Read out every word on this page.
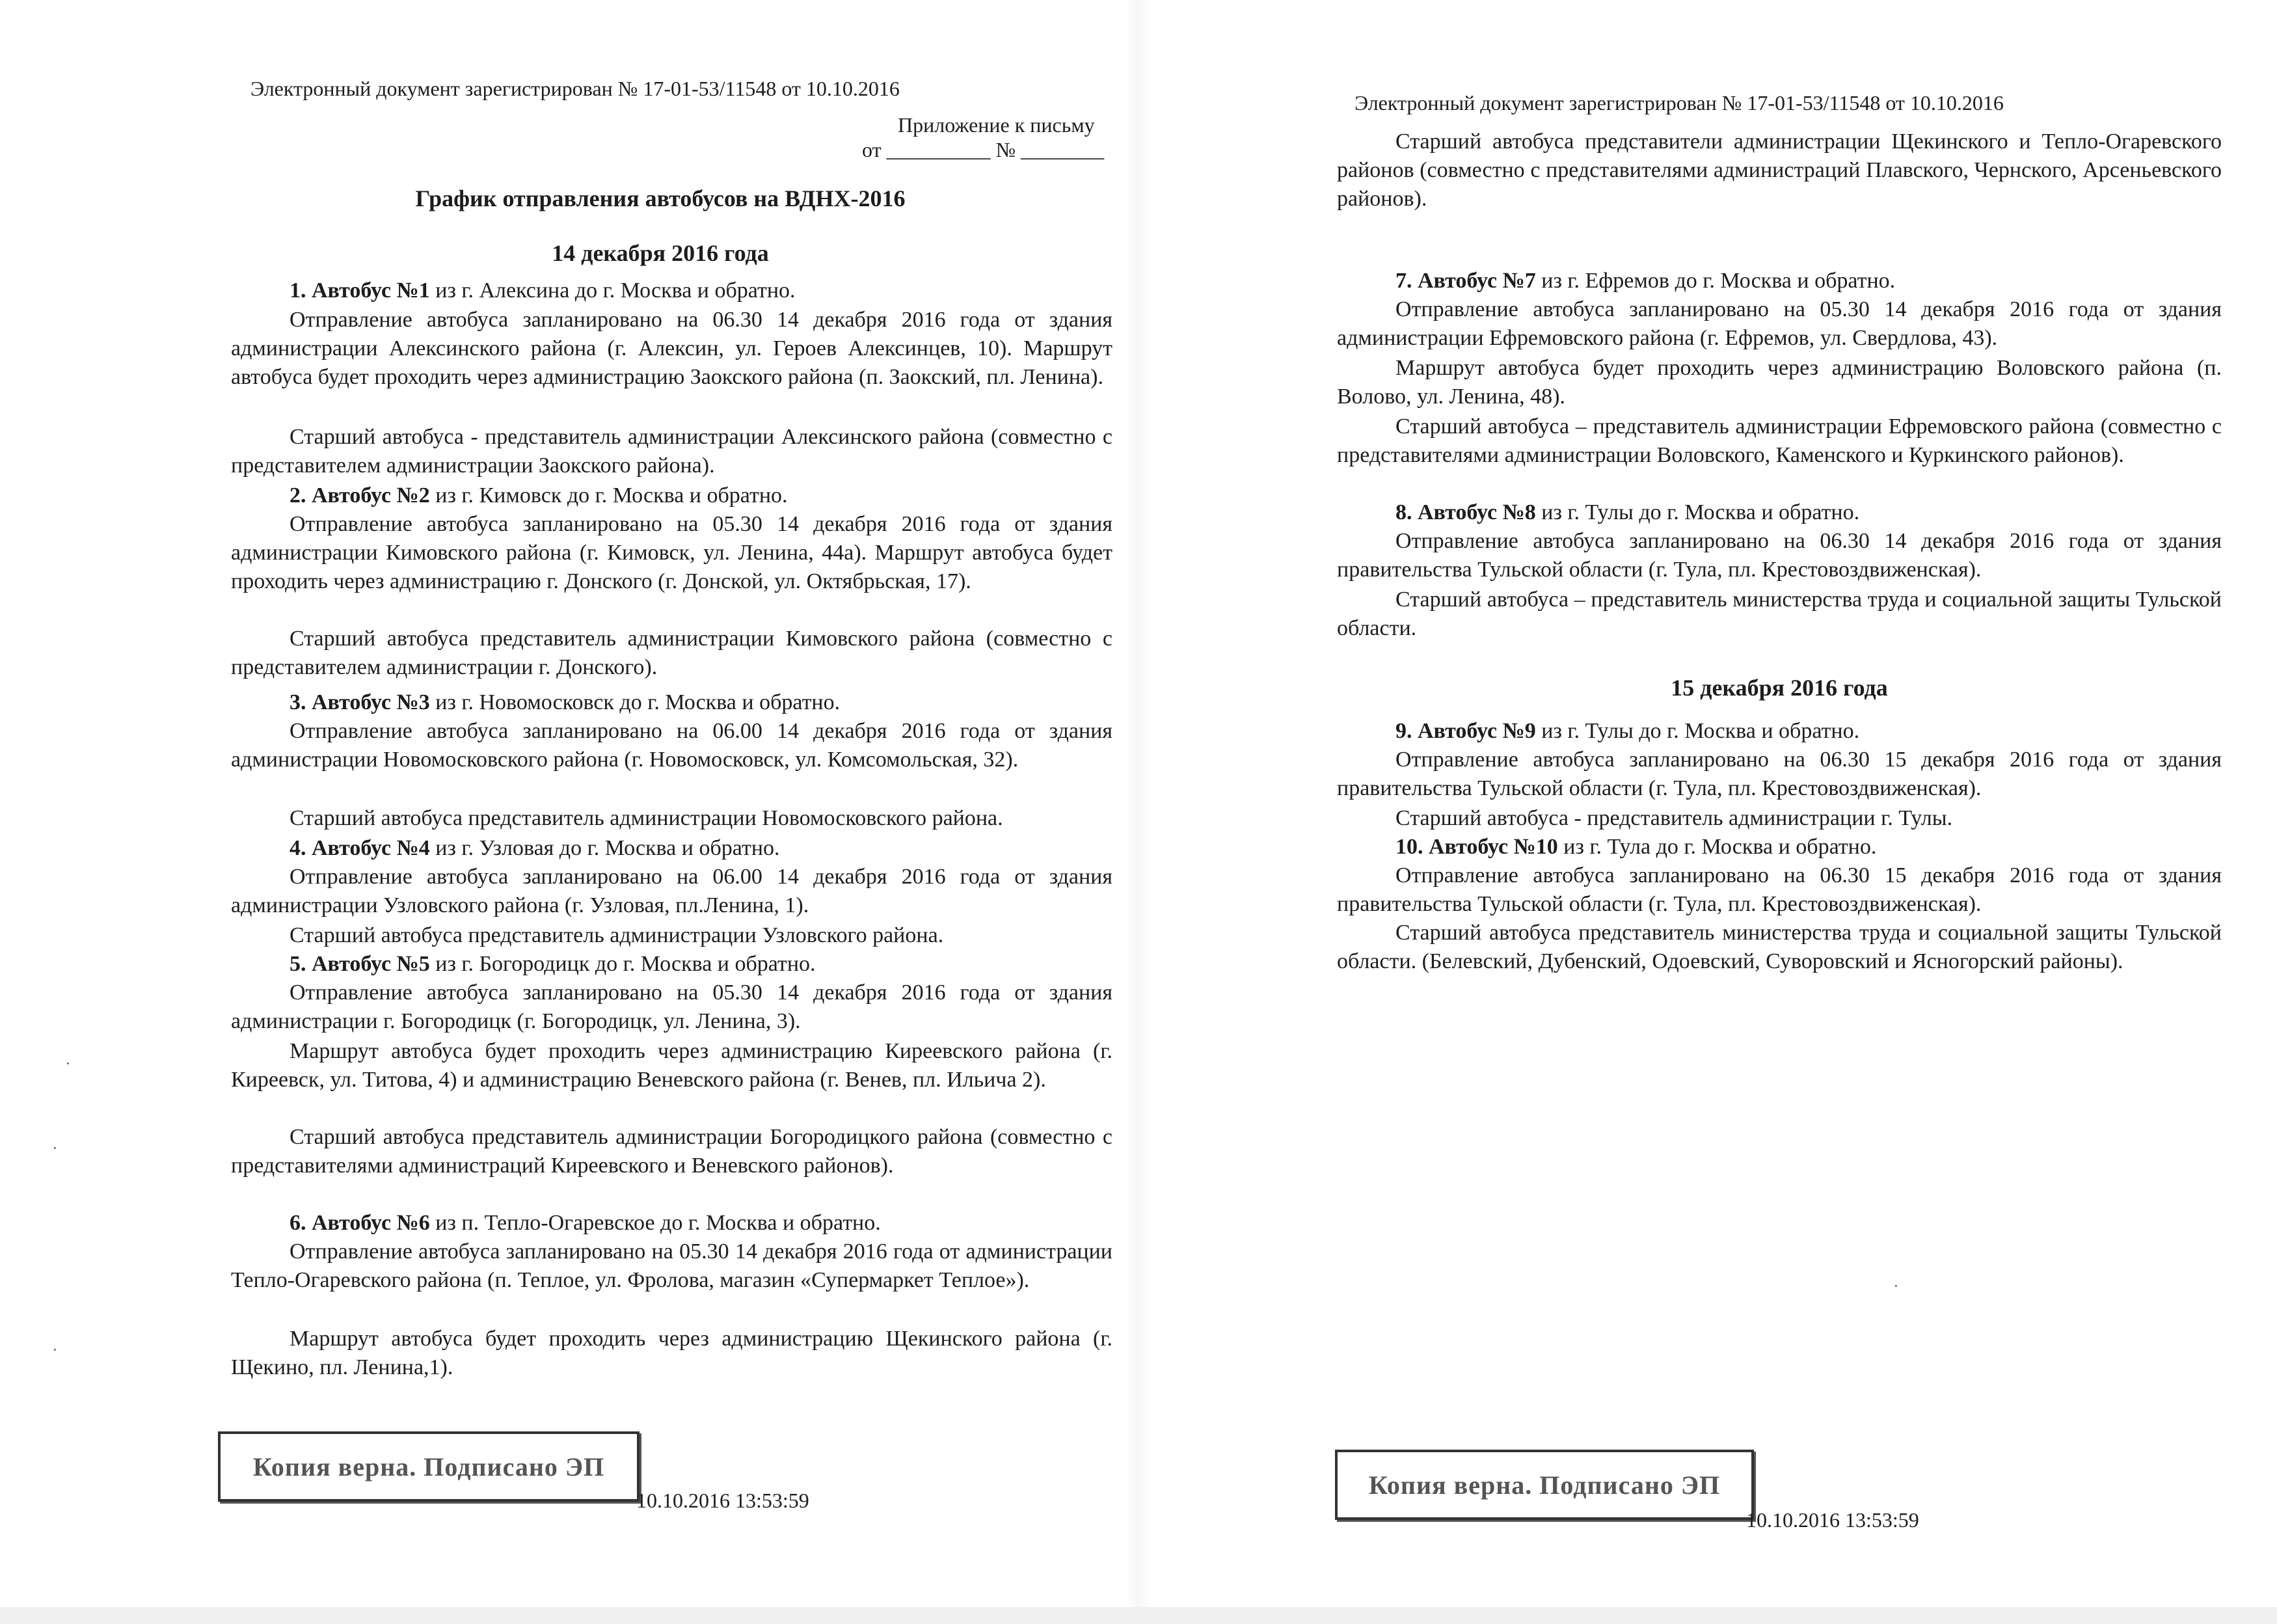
Электронный документ зарегистрирован № 17-01-53/11548 от 10.10.2016
Приложение к письму
от __________ № ________
График отправления автобусов на ВДНХ-2016
14 декабря 2016 года

1. Автобус №1 из г. Алексина до г. Москва и обратно.

Отправление автобуса запланировано на 06.30 14 декабря 2016 года от здания администрации Алексинского района (г. Алексин, ул. Героев Алексинцев, 10). Маршрут автобуса будет проходить через администрацию Заокского района (п. Заокский, пл. Ленина).

Старший автобуса - представитель администрации Алексинского района (совместно с представителем администрации Заокского района).

2. Автобус №2 из г. Кимовск до г. Москва и обратно.

Отправление автобуса запланировано на 05.30 14 декабря 2016 года от здания администрации Кимовского района (г. Кимовск, ул. Ленина, 44а). Маршрут автобуса будет проходить через администрацию г. Донского (г. Донской, ул. Октябрьская, 17).

Старший автобуса представитель администрации Кимовского района (совместно с представителем администрации г. Донского).

3. Автобус №3 из г. Новомосковск до г. Москва и обратно.

Отправление автобуса запланировано на 06.00 14 декабря 2016 года от здания администрации Новомосковского района (г. Новомосковск, ул. Комсомольская, 32).

Старший автобуса представитель администрации Новомосковского района.

4. Автобус №4 из г. Узловая до г. Москва и обратно.

Отправление автобуса запланировано на 06.00 14 декабря 2016 года от здания администрации Узловского района (г. Узловая, пл.Ленина, 1).

Старший автобуса представитель администрации Узловского района.

5. Автобус №5 из г. Богородицк до г. Москва и обратно.

Отправление автобуса запланировано на 05.30 14 декабря 2016 года от здания администрации г. Богородицк (г. Богородицк, ул. Ленина, 3).

Маршрут автобуса будет проходить через администрацию Киреевского района (г. Киреевск, ул. Титова, 4) и администрацию Веневского района (г. Венев, пл. Ильича 2).

Старший автобуса представитель администрации Богородицкого района (совместно с представителями администраций Киреевского и Веневского районов).

6. Автобус №6 из п. Тепло-Огаревское до г. Москва и обратно.

Отправление автобуса запланировано на 05.30 14 декабря 2016 года от администрации Тепло-Огаревского района (п. Теплое, ул. Фролова, магазин «Супермаркет Теплое»).

Маршрут автобуса будет проходить через администрацию Щекинского района (г. Щекино, пл. Ленина,1).

Копия верна. Подписано ЭП
10.10.2016 13:53:59
·
·
·
Электронный документ зарегистрирован № 17-01-53/11548 от 10.10.2016

Старший автобуса представители администрации Щекинского и Тепло-Огаревского районов (совместно с представителями администраций Плавского, Чернского, Арсеньевского районов).

7. Автобус №7 из г. Ефремов до г. Москва и обратно.

Отправление автобуса запланировано на 05.30 14 декабря 2016 года от здания администрации Ефремовского района (г. Ефремов, ул. Свердлова, 43).

Маршрут автобуса будет проходить через администрацию Воловского района (п. Волово, ул. Ленина, 48).

Старший автобуса – представитель администрации Ефремовского района (совместно с представителями администрации Воловского, Каменского и Куркинского районов).

8. Автобус №8 из г. Тулы до г. Москва и обратно.

Отправление автобуса запланировано на 06.30 14 декабря 2016 года от здания правительства Тульской области (г. Тула, пл. Крестовоздвиженская).

Старший автобуса – представитель министерства труда и социальной защиты Тульской области.

15 декабря 2016 года

9. Автобус №9 из г. Тулы до г. Москва и обратно.

Отправление автобуса запланировано на 06.30 15 декабря 2016 года от здания правительства Тульской области (г. Тула, пл. Крестовоздвиженская).

Старший автобуса - представитель администрации г. Тулы.

10. Автобус №10 из г. Тула до г. Москва и обратно.

Отправление автобуса запланировано на 06.30 15 декабря 2016 года от здания правительства Тульской области (г. Тула, пл. Крестовоздвиженская).

Старший автобуса представитель министерства труда и социальной защиты Тульской области. (Белевский, Дубенский, Одоевский, Суворовский и Ясногорский районы).

Копия верна. Подписано ЭП
10.10.2016 13:53:59
·
